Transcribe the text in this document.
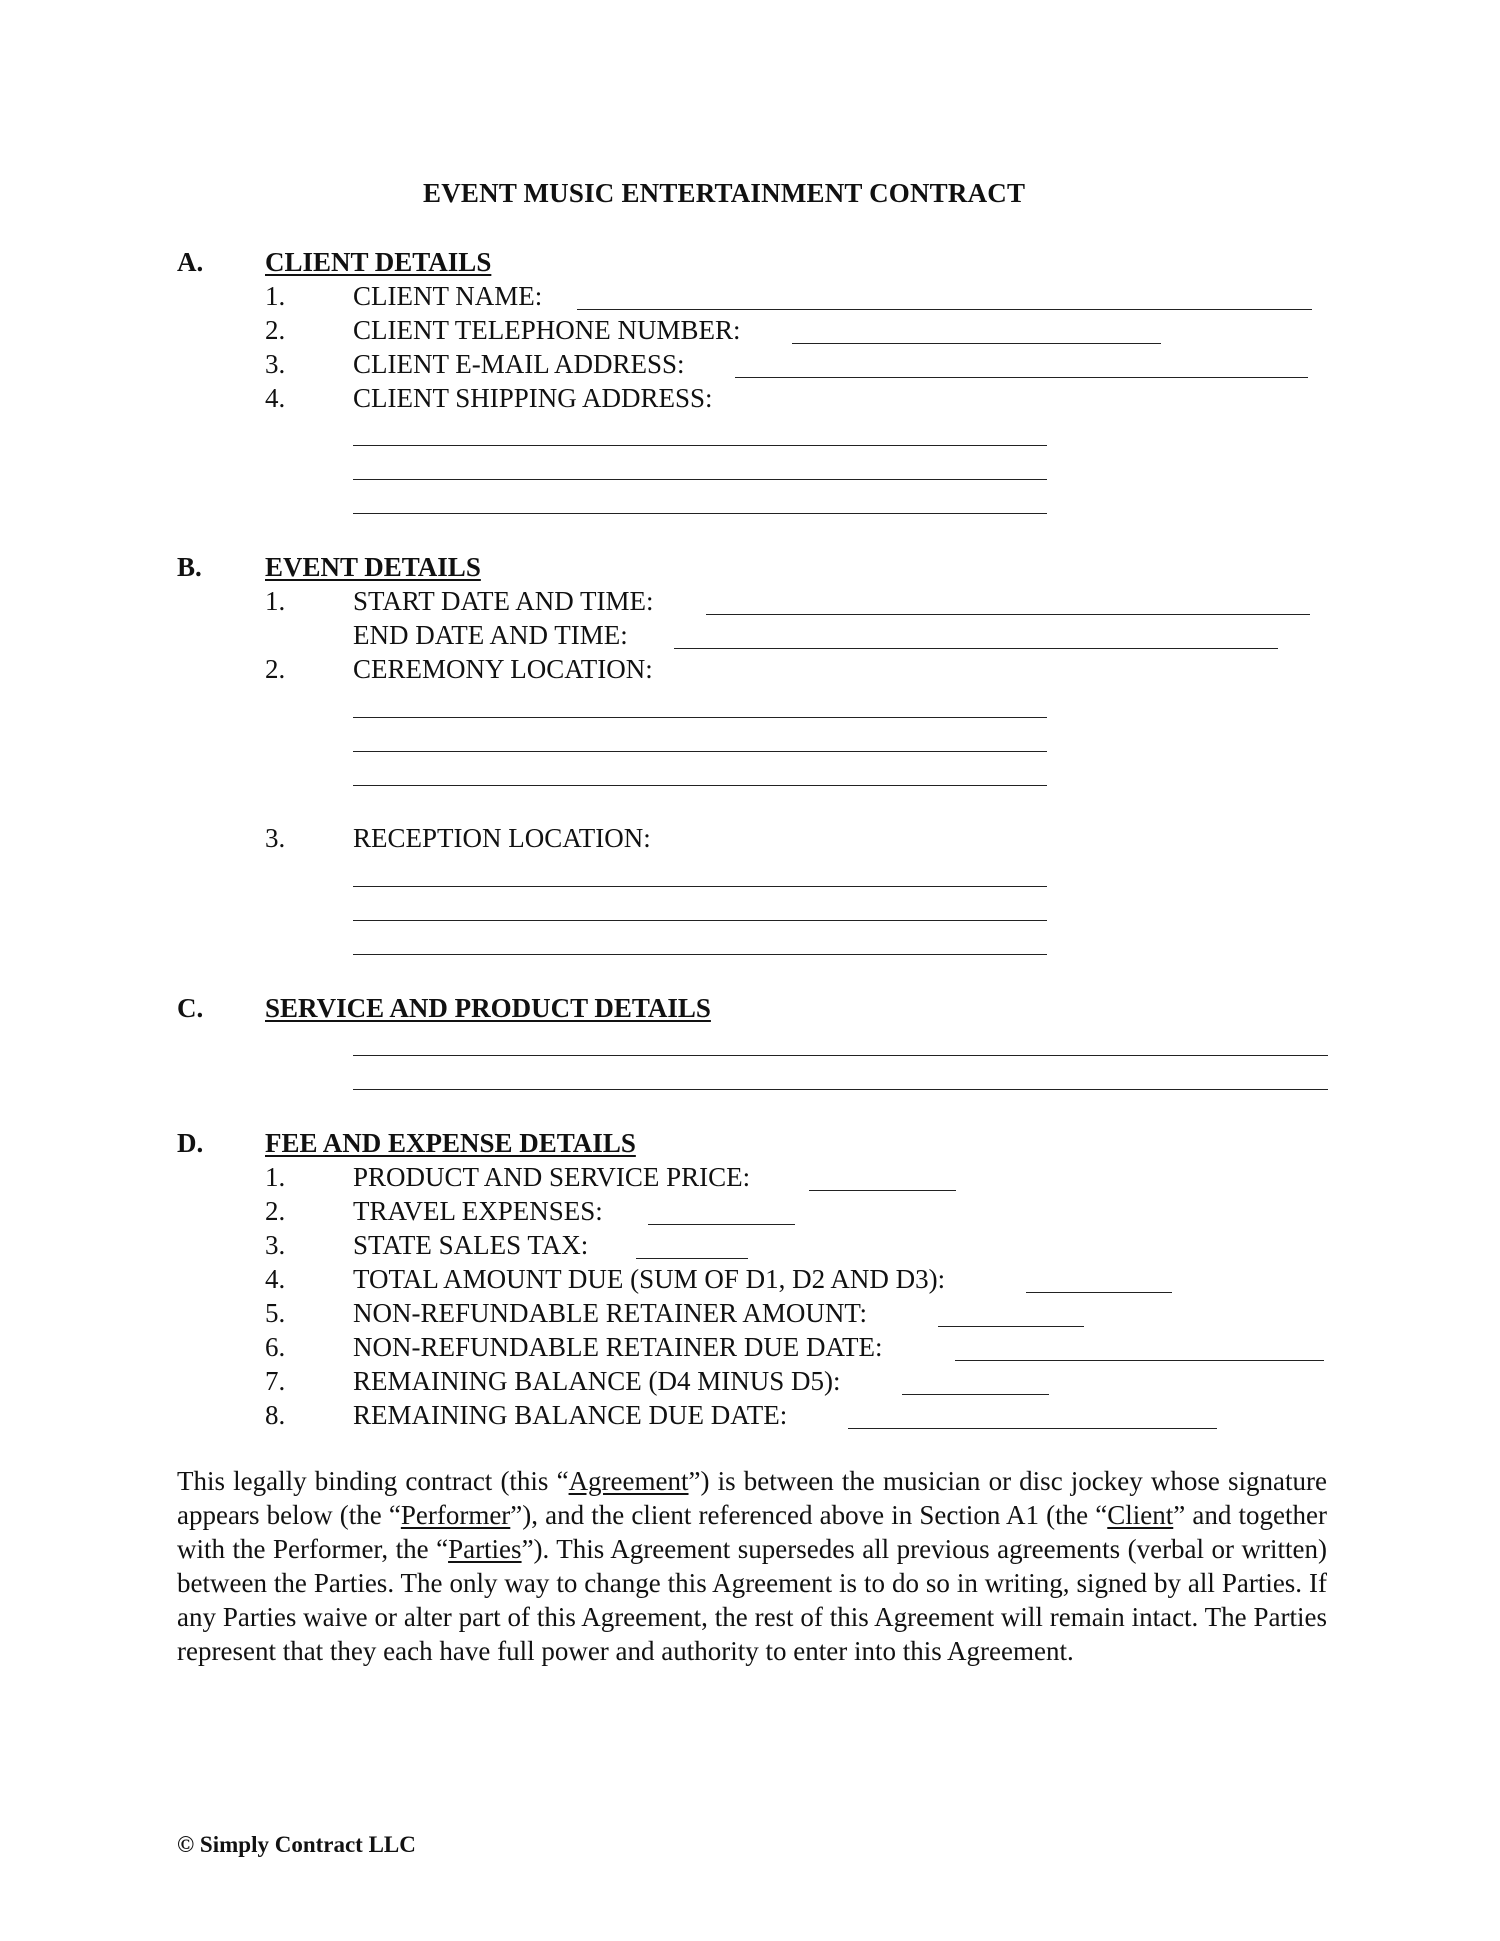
EVENT MUSIC ENTERTAINMENT CONTRACT
A. CLIENT DETAILS
1.	CLIENT NAME:
2.	CLIENT TELEPHONE NUMBER:
3.	CLIENT E-MAIL ADDRESS:
4.	CLIENT SHIPPING ADDRESS:
B. EVENT DETAILS
1.	START DATE AND TIME:
END DATE AND TIME:
2.	CEREMONY LOCATION:
3.	RECEPTION LOCATION:
C. SERVICE AND PRODUCT DETAILS
D. FEE AND EXPENSE DETAILS
1.	PRODUCT AND SERVICE PRICE:
2.	TRAVEL EXPENSES:
3.	STATE SALES TAX:
4.	TOTAL AMOUNT DUE (SUM OF D1, D2 AND D3):
5.	NON-REFUNDABLE RETAINER AMOUNT:
6.	NON-REFUNDABLE RETAINER DUE DATE:
7.	REMAINING BALANCE (D4 MINUS D5):
8.	REMAINING BALANCE DUE DATE:
This legally binding contract (this “Agreement”) is between the musician or disc jockey whose signature appears below (the “Performer”), and the client referenced above in Section A1 (the “Client” and together with the Performer, the “Parties”). This Agreement supersedes all previous agreements (verbal or written) between the Parties. The only way to change this Agreement is to do so in writing, signed by all Parties. If any Parties waive or alter part of this Agreement, the rest of this Agreement will remain intact. The Parties represent that they each have full power and authority to enter into this Agreement.
© Simply Contract LLC
